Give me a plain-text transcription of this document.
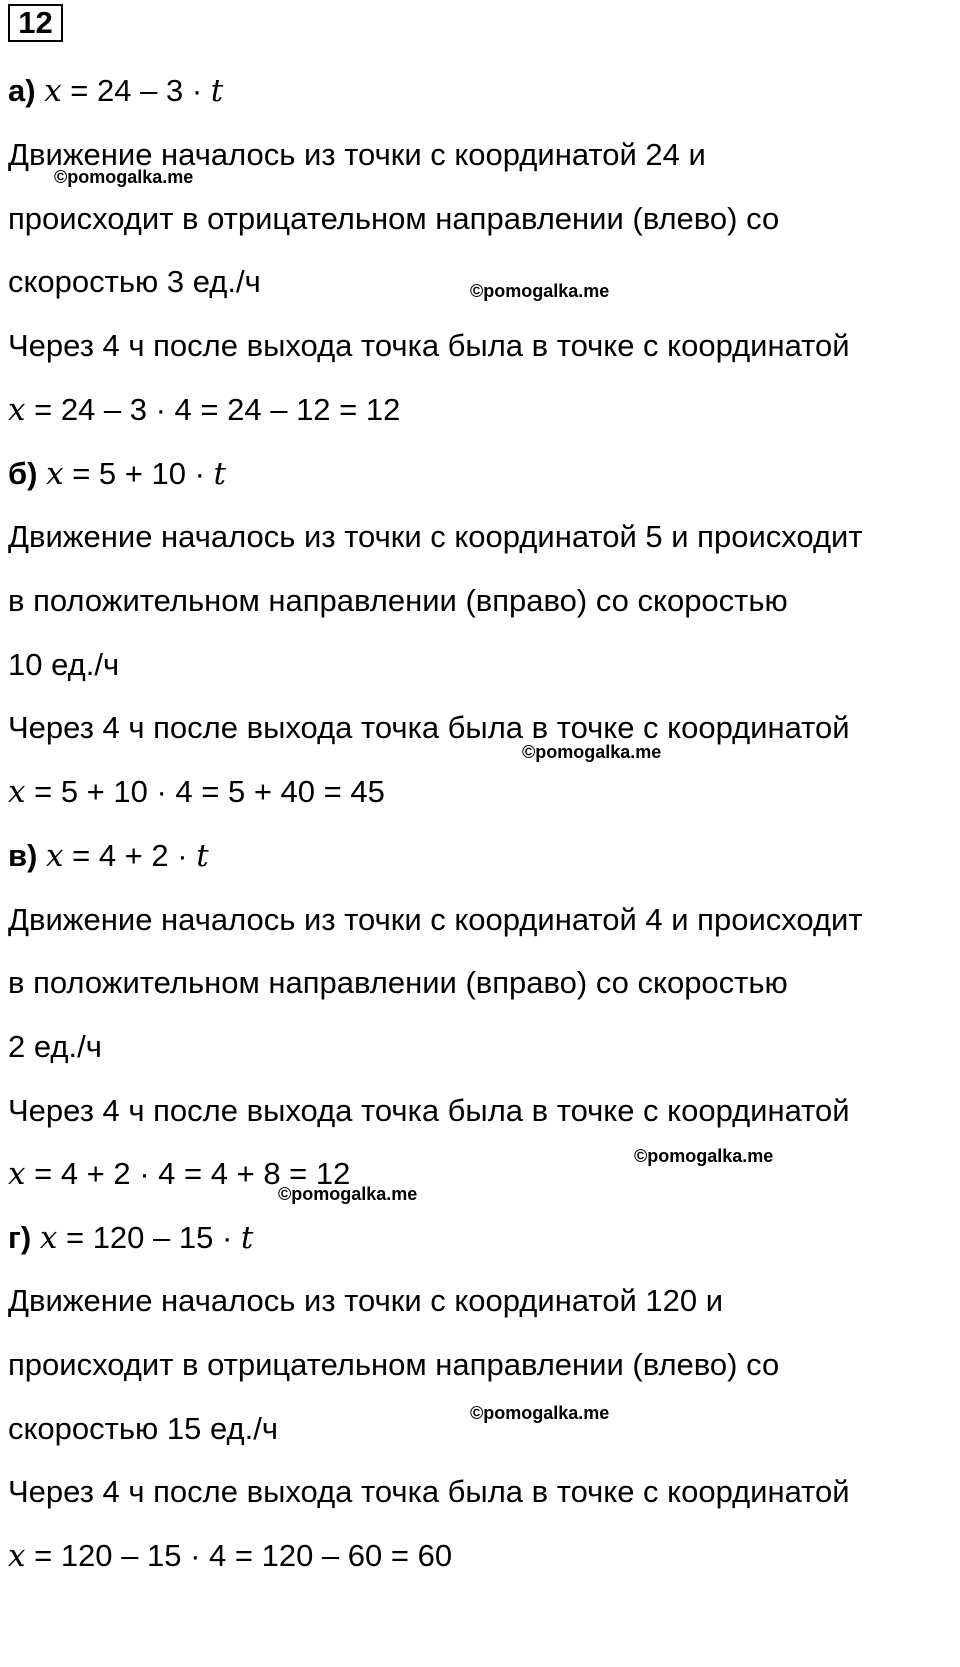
12
а) x = 24 – 3 · t
Движение началось из точки с координатой 24 и
происходит в отрицательном направлении (влево) со
скоростью 3 ед./ч
Через 4 ч после выхода точка была в точке с координатой
x = 24 – 3 · 4 = 24 – 12 = 12
б) x = 5 + 10 · t
Движение началось из точки с координатой 5 и происходит
в положительном направлении (вправо) со скоростью
10 ед./ч
Через 4 ч после выхода точка была в точке с координатой
x = 5 + 10 · 4 = 5 + 40 = 45
в) x = 4 + 2 · t
Движение началось из точки с координатой 4 и происходит
в положительном направлении (вправо) со скоростью
2 ед./ч
Через 4 ч после выхода точка была в точке с координатой
x = 4 + 2 · 4 = 4 + 8 = 12
г) x = 120 – 15 · t
Движение началось из точки с координатой 120 и
происходит в отрицательном направлении (влево) со
скоростью 15 ед./ч
Через 4 ч после выхода точка была в точке с координатой
x = 120 – 15 · 4 = 120 – 60 = 60
©pomogalka.me
©pomogalka.me
©pomogalka.me
©pomogalka.me
©pomogalka.me
©pomogalka.me
